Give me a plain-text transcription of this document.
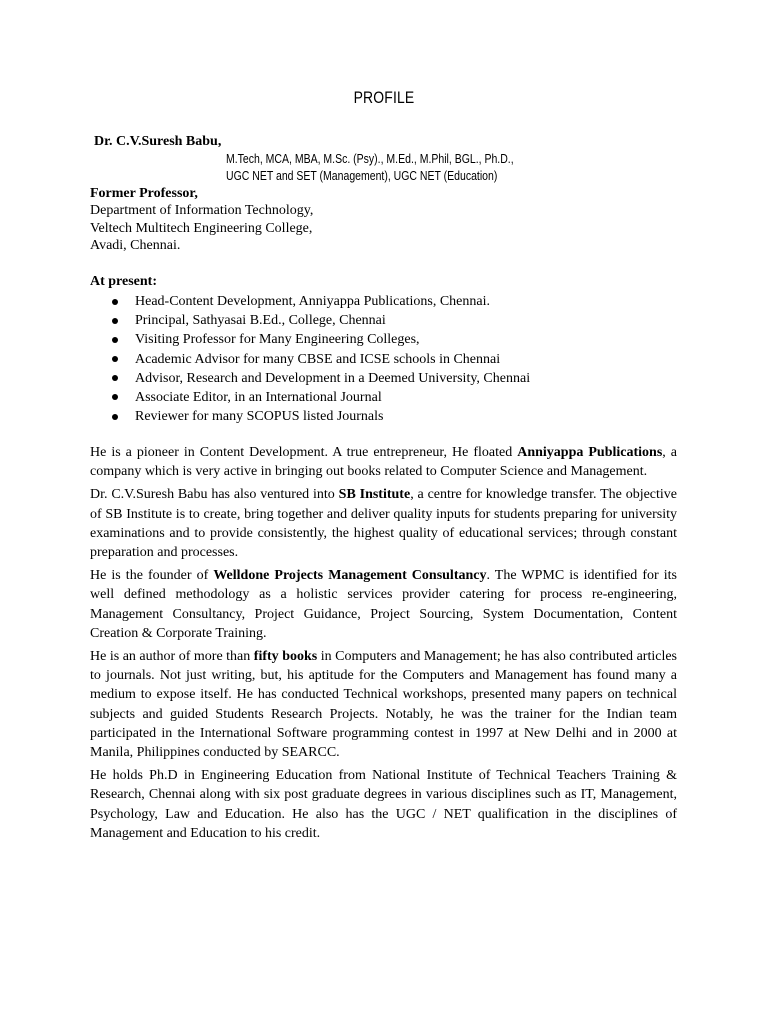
PROFILE
Dr. C.V.Suresh Babu,
M.Tech, MCA, MBA, M.Sc. (Psy)., M.Ed., M.Phil, BGL., Ph.D.,
UGC NET and SET (Management), UGC NET (Education)
Former Professor,
Department of Information Technology,
Veltech Multitech Engineering College,
Avadi, Chennai.
At present:
Head-Content Development, Anniyappa Publications, Chennai.
Principal, Sathyasai B.Ed., College, Chennai
Visiting Professor for Many Engineering Colleges,
Academic Advisor for many CBSE and ICSE schools in Chennai
Advisor, Research and Development in a Deemed University, Chennai
Associate Editor, in an International Journal
Reviewer for many SCOPUS listed Journals

He is a pioneer in Content Development. A true entrepreneur, He floated Anniyappa Publications, a company which is very active in bringing out books related to Computer Science and Management.

Dr. C.V.Suresh Babu has also ventured into SB Institute, a centre for knowledge transfer. The objective of SB Institute is to create, bring together and deliver quality inputs for students preparing for university examinations and to provide consistently, the highest quality of educational services; through constant preparation and processes.

He is the founder of Welldone Projects Management Consultancy. The WPMC is identified for its well defined methodology as a holistic services provider catering for process re-engineering, Management Consultancy, Project Guidance, Project Sourcing, System Documentation, Content Creation & Corporate Training.

He is an author of more than fifty books in Computers and Management; he has also contributed articles to journals. Not just writing, but, his aptitude for the Computers and Management has found many a medium to expose itself. He has conducted Technical workshops, presented many papers on technical subjects and guided Students Research Projects. Notably, he was the trainer for the Indian team participated in the International Software programming contest in 1997 at New Delhi and in 2000 at Manila, Philippines conducted by SEARCC.

He holds Ph.D in Engineering Education from National Institute of Technical Teachers Training & Research, Chennai along with six post graduate degrees in various disciplines such as IT, Management, Psychology, Law and Education. He also has the UGC / NET qualification in the disciplines of Management and Education to his credit.
